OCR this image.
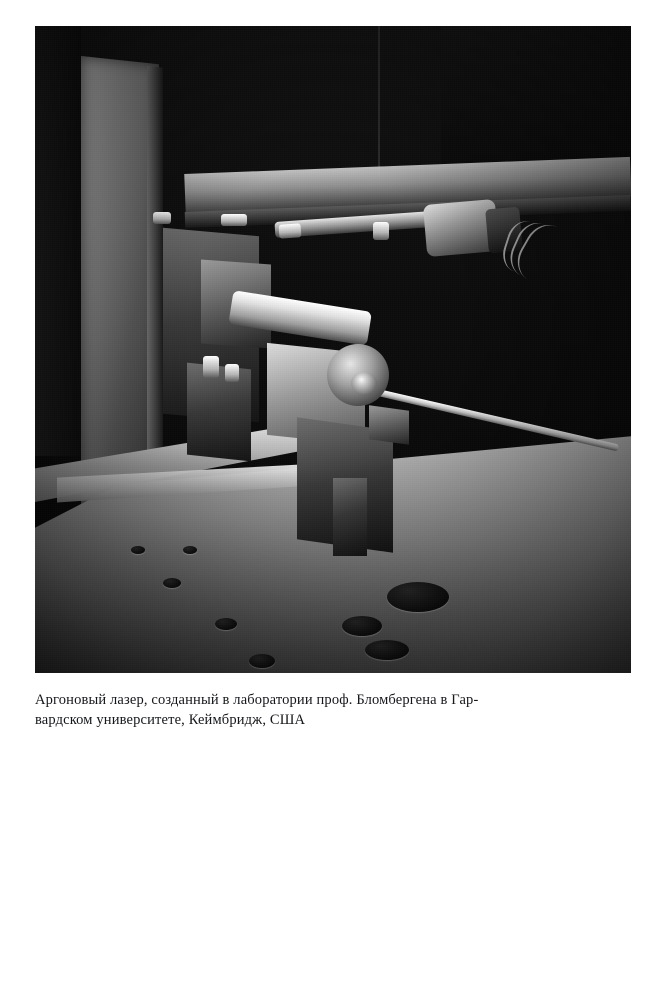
Аргоновый лазер, созданный в лаборатории проф. Бломбергена в Гар-
вардском университете, Кеймбридж, США
